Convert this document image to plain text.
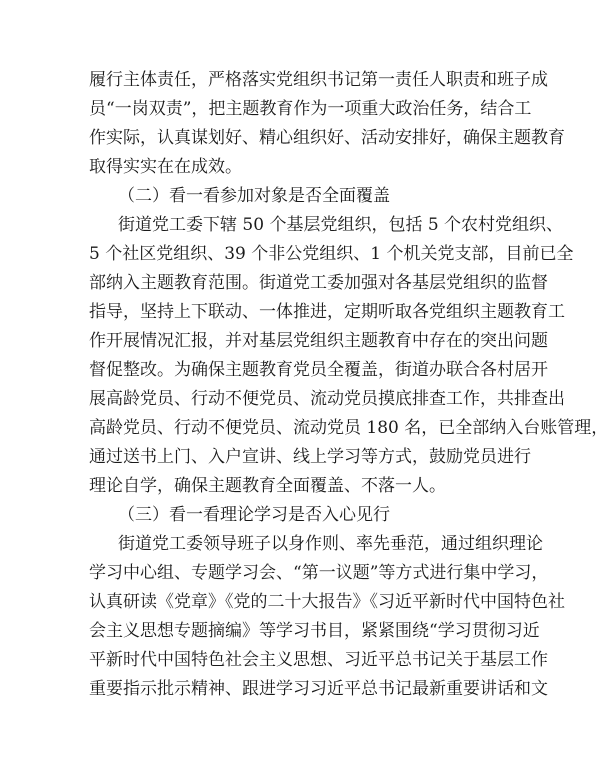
履行主体责任，严格落实党组织书记第一责任人职责和班子成
员“一岗双责”，把主题教育作为一项重大政治任务，结合工
作实际，认真谋划好、精心组织好、活动安排好，确保主题教育
取得实实在在成效。
（二）看一看参加对象是否全面覆盖
街道党工委下辖 50 个基层党组织，包括 5 个农村党组织、
5 个社区党组织、39 个非公党组织、1 个机关党支部，目前已全
部纳入主题教育范围。街道党工委加强对各基层党组织的监督
指导，坚持上下联动、一体推进，定期听取各党组织主题教育工
作开展情况汇报，并对基层党组织主题教育中存在的突出问题
督促整改。为确保主题教育党员全覆盖，街道办联合各村居开
展高龄党员、行动不便党员、流动党员摸底排查工作，共排查出
高龄党员、行动不便党员、流动党员 180 名，已全部纳入台账管理，
通过送书上门、入户宣讲、线上学习等方式，鼓励党员进行
理论自学，确保主题教育全面覆盖、不落一人。
（三）看一看理论学习是否入心见行
街道党工委领导班子以身作则、率先垂范，通过组织理论
学习中心组、专题学习会、“第一议题”等方式进行集中学习，
认真研读《党章》《党的二十大报告》《习近平新时代中国特色社
会主义思想专题摘编》等学习书目，紧紧围绕“学习贯彻习近
平新时代中国特色社会主义思想、习近平总书记关于基层工作
重要指示批示精神、跟进学习习近平总书记最新重要讲话和文
